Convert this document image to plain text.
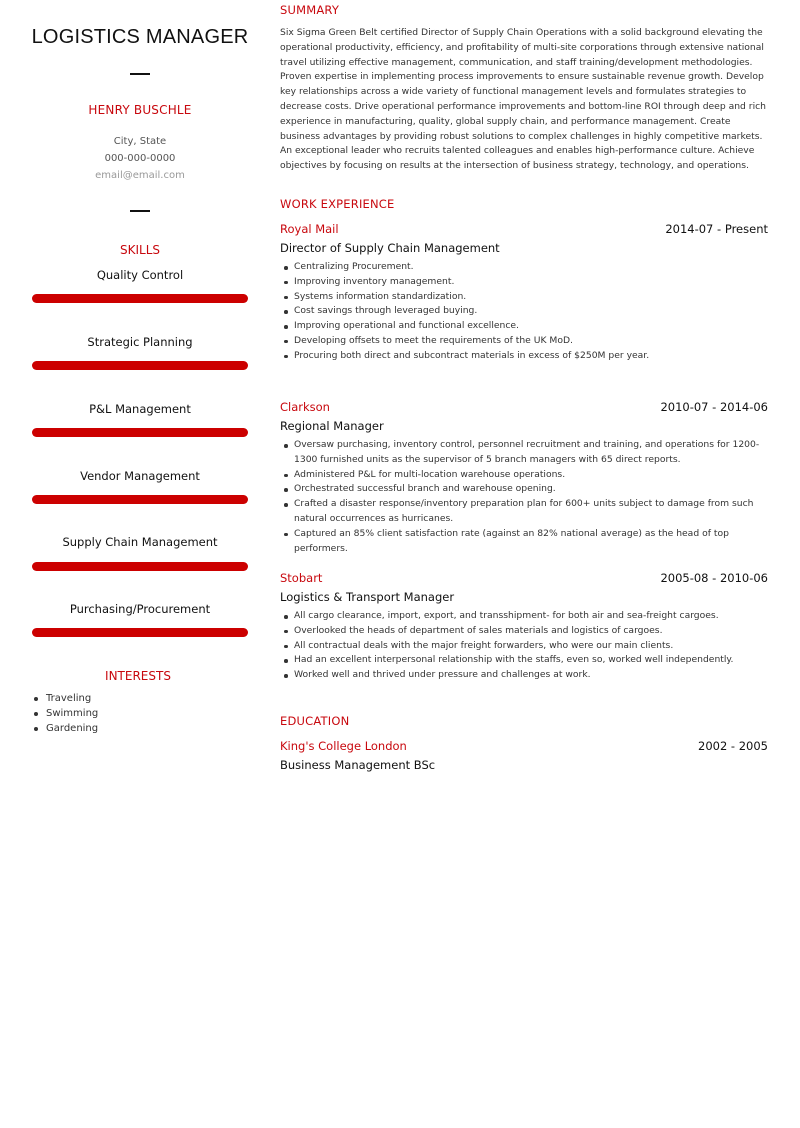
LOGISTICS MANAGER
HENRY BUSCHLE
City, State
000-000-0000
email@email.com
SKILLS
Quality Control
Strategic Planning
P&L Management
Vendor Management
Supply Chain Management
Purchasing/Procurement
INTERESTS
Traveling
Swimming
Gardening
SUMMARY
Six Sigma Green Belt certified Director of Supply Chain Operations with a solid background elevating the operational productivity, efficiency, and profitability of multi-site corporations through extensive national travel utilizing effective management, communication, and staff training/development methodologies. Proven expertise in implementing process improvements to ensure sustainable revenue growth. Develop key relationships across a wide variety of functional management levels and formulates strategies to decrease costs. Drive operational performance improvements and bottom-line ROI through deep and rich experience in manufacturing, quality, global supply chain, and performance management. Create business advantages by providing robust solutions to complex challenges in highly competitive markets. An exceptional leader who recruits talented colleagues and enables high-performance culture. Achieve objectives by focusing on results at the intersection of business strategy, technology, and operations.
WORK EXPERIENCE
Royal Mail	2014-07 - Present
Director of Supply Chain Management
Centralizing Procurement.
Improving inventory management.
Systems information standardization.
Cost savings through leveraged buying.
Improving operational and functional excellence.
Developing offsets to meet the requirements of the UK MoD.
Procuring both direct and subcontract materials in excess of $250M per year.
Clarkson	2010-07 - 2014-06
Regional Manager
Oversaw purchasing, inventory control, personnel recruitment and training, and operations for 1200-1300 furnished units as the supervisor of 5 branch managers with 65 direct reports.
Administered P&L for multi-location warehouse operations.
Orchestrated successful branch and warehouse opening.
Crafted a disaster response/inventory preparation plan for 600+ units subject to damage from such natural occurrences as hurricanes.
Captured an 85% client satisfaction rate (against an 82% national average) as the head of top performers.
Stobart	2005-08 - 2010-06
Logistics & Transport Manager
All cargo clearance, import, export, and transshipment- for both air and sea-freight cargoes.
Overlooked the heads of department of sales materials and logistics of cargoes.
All contractual deals with the major freight forwarders, who were our main clients.
Had an excellent interpersonal relationship with the staffs, even so, worked well independently.
Worked well and thrived under pressure and challenges at work.
EDUCATION
King's College London	2002 - 2005
Business Management BSc
